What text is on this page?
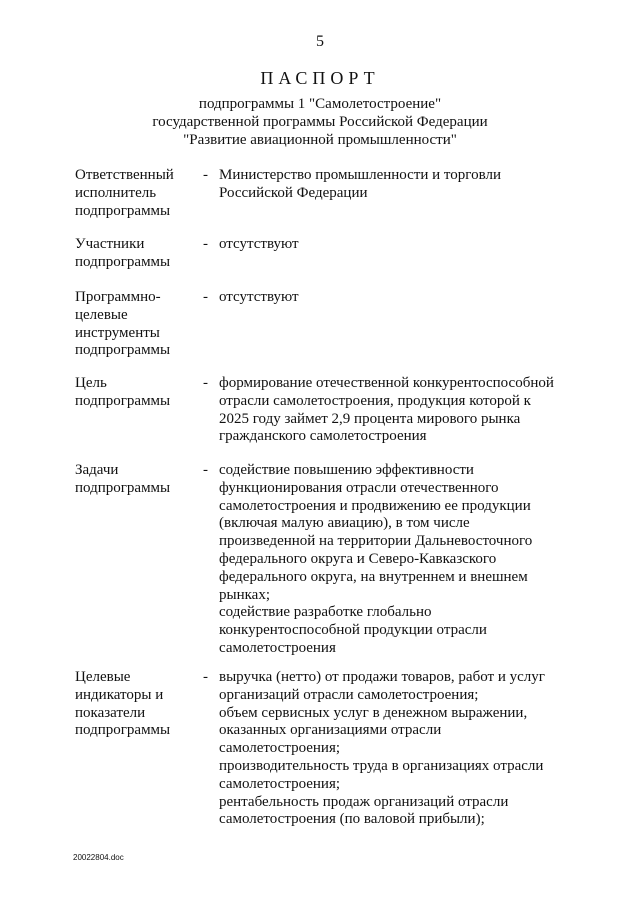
5
ПАСПОРТ
подпрограммы 1 "Самолетостроение"
государственной программы Российской Федерации
"Развитие авиационной промышленности"
Ответственный
исполнитель
подпрограммы
- Министерство промышленности и торговли
Российской Федерации
Участники
подпрограммы
- отсутствуют
Программно-
целевые
инструменты
подпрограммы
- отсутствуют
Цель
подпрограммы
- формирование отечественной конкурентоспособной
отрасли самолетостроения, продукция которой к
2025 году займет 2,9 процента мирового рынка
гражданского самолетостроения
Задачи
подпрограммы
- содействие повышению эффективности
функционирования отрасли отечественного
самолетостроения и продвижению ее продукции
(включая малую авиацию), в том числе
произведенной на территории Дальневосточного
федерального округа и Северо-Кавказского
федерального округа, на внутреннем и внешнем
рынках;
содействие разработке глобально
конкурентоспособной продукции отрасли
самолетостроения
Целевые
индикаторы и
показатели
подпрограммы
- выручка (нетто) от продажи товаров, работ и услуг
организаций отрасли самолетостроения;
объем сервисных услуг в денежном выражении,
оказанных организациями отрасли
самолетостроения;
производительность труда в организациях отрасли
самолетостроения;
рентабельность продаж организаций отрасли
самолетостроения (по валовой прибыли);
20022804.doc
